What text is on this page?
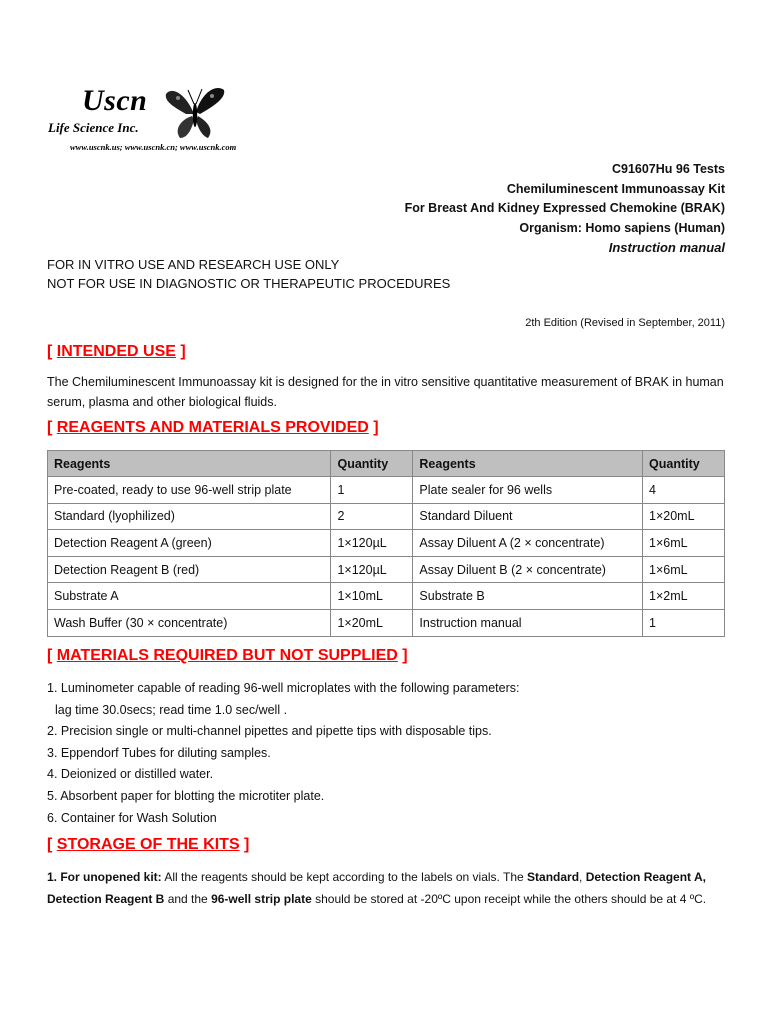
Uscn
Life Science Inc.
www.uscnk.us; www.uscnk.cn; www.uscnk.com
C91607Hu 96 Tests
Chemiluminescent Immunoassay Kit
For Breast And Kidney Expressed Chemokine (BRAK)
Organism: Homo sapiens (Human)
Instruction manual
FOR IN VITRO USE AND RESEARCH USE ONLY
NOT FOR USE IN DIAGNOSTIC OR THERAPEUTIC PROCEDURES
2th Edition (Revised in September, 2011)
[ INTENDED USE ]
The Chemiluminescent Immunoassay kit is designed for the in vitro sensitive quantitative measurement of BRAK in human serum, plasma and other biological fluids.
[ REAGENTS AND MATERIALS PROVIDED ]
Reagents	Quantity	Reagents	Quantity
Pre-coated, ready to use 96-well strip plate	1	Plate sealer for 96 wells	4
Standard (lyophilized)	2	Standard Diluent	1×20mL
Detection Reagent A (green)	1×120µL	Assay Diluent A (2 × concentrate)	1×6mL
Detection Reagent B (red)	1×120µL	Assay Diluent B (2 × concentrate)	1×6mL
Substrate A	1×10mL	Substrate B	1×2mL
Wash Buffer (30 × concentrate)	1×20mL	Instruction manual	1
[ MATERIALS REQUIRED BUT NOT SUPPLIED ]
1. Luminometer capable of reading 96-well microplates with the following parameters:
lag time 30.0secs; read time 1.0 sec/well .
2. Precision single or multi-channel pipettes and pipette tips with disposable tips.
3. Eppendorf Tubes for diluting samples.
4. Deionized or distilled water.
5. Absorbent paper for blotting the microtiter plate.
6. Container for Wash Solution
[ STORAGE OF THE KITS ]
1. For unopened kit: All the reagents should be kept according to the labels on vials. The Standard, Detection Reagent A, Detection Reagent B and the 96-well strip plate should be stored at -20ºC upon receipt while the others should be at 4 ºC.
